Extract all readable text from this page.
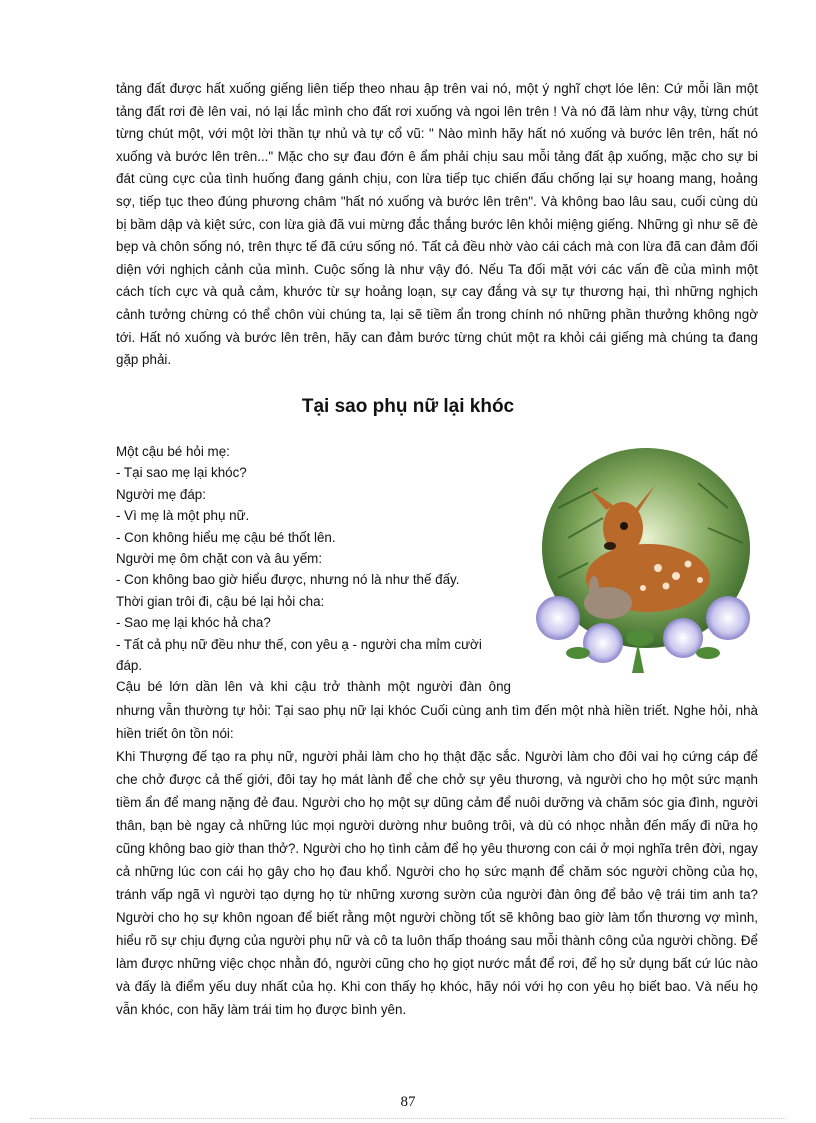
tảng đất được hất xuống giếng liên tiếp theo nhau ập trên vai nó, một ý nghĩ chợt lóe lên: Cứ mỗi lần một tảng đất rơi đè lên vai, nó lại lắc mình cho đất rơi xuống và ngoi lên trên ! Và nó đã làm như vậy, từng chút từng chút một, với một lời thần tự nhủ và tự cổ vũ: " Nào mình hãy hất nó xuống và bước lên trên, hất nó xuống và bước lên trên..." Mặc cho sự đau đớn ê ẩm phải chịu sau mỗi tảng đất ập xuống, mặc cho sự bi đát cùng cực của tình huống đang gánh chịu, con lừa tiếp tục chiến đấu chống lại sự hoang mang, hoảng sợ, tiếp tục theo đúng phương châm "hất nó xuống và bước lên trên". Và không bao lâu sau, cuối cùng dù bị bầm dập và kiệt sức, con lừa già đã vui mừng đắc thắng bước lên khỏi miệng giếng. Những gì như sẽ đè bẹp và chôn sống nó, trên thực tế đã cứu sống nó. Tất cả đều nhờ vào cái cách mà con lừa đã can đảm đối diện với nghịch cảnh của mình. Cuộc sống là như vậy đó. Nếu Ta đối mặt với các vấn đề của mình một cách tích cực và quả cảm, khước từ sự hoảng loạn, sự cay đắng và sự tự thương hại, thì những nghịch cảnh tưởng chừng có thể chôn vùi chúng ta, lại sẽ tiềm ẩn trong chính nó những phần thưởng không ngờ tới. Hất nó xuống và bước lên trên, hãy can đảm bước từng chút một ra khỏi cái giếng mà chúng ta đang gặp phải.

Tại sao phụ nữ lại khóc
Một cậu bé hỏi mẹ:
- Tại sao mẹ lại khóc?
Người mẹ đáp:
- Vì mẹ là một phụ nữ.
- Con không hiểu mẹ cậu bé thốt lên.
Người mẹ ôm chặt con và âu yếm:
- Con không bao giờ hiểu được, nhưng nó là như thế đấy.
Thời gian trôi đi, cậu bé lại hỏi cha:
- Sao mẹ lại khóc hả cha?
- Tất cả phụ nữ đều như thế, con yêu ạ - người cha mỉm cười đáp.
Cậu bé lớn dần lên và khi cậu trở thành một người đàn ông
nhưng vẫn thường tự hỏi: Tại sao phụ nữ lại khóc Cuối cùng anh tìm đến một nhà hiền triết. Nghe hỏi, nhà hiền triết ôn tồn nói:
Khi Thượng đế tạo ra phụ nữ, người phải làm cho họ thật đặc sắc. Người làm cho đôi vai họ cứng cáp để che chở được cả thế giới, đôi tay họ mát lành để che chở sự yêu thương, và người cho họ một sức mạnh tiềm ẩn để mang nặng đẻ đau. Người cho họ một sự dũng cảm để nuôi dưỡng và chăm sóc gia đình, người thân, bạn bè ngay cả những lúc mọi người dường như buông trôi, và dù có nhọc nhằn đến mấy đi nữa họ cũng không bao giờ than thở?. Người cho họ tình cảm để họ yêu thương con cái ở mọi nghĩa trên đời, ngay cả những lúc con cái họ gây cho họ đau khổ. Người cho họ sức mạnh để chăm sóc người chồng của họ, tránh vấp ngã vì người tạo dựng họ từ những xương sườn của người đàn ông để bảo vệ trái tim anh ta?Người cho họ sự khôn ngoan để biết rằng một người chồng tốt sẽ không bao giờ làm tổn thương vợ mình, hiểu rõ sự chịu đựng của người phụ nữ và cô ta luôn thấp thoáng sau mỗi thành công của người chồng. Để làm được những việc chọc nhằn đó, người cũng cho họ giọt nước mắt để rơi, để họ sử dụng bất cứ lúc nào và đấy là điểm yếu duy nhất của họ. Khi con thấy họ khóc, hãy nói với họ con yêu họ biết bao. Và nếu họ vẫn khóc, con hãy làm trái tim họ được bình yên.
87
